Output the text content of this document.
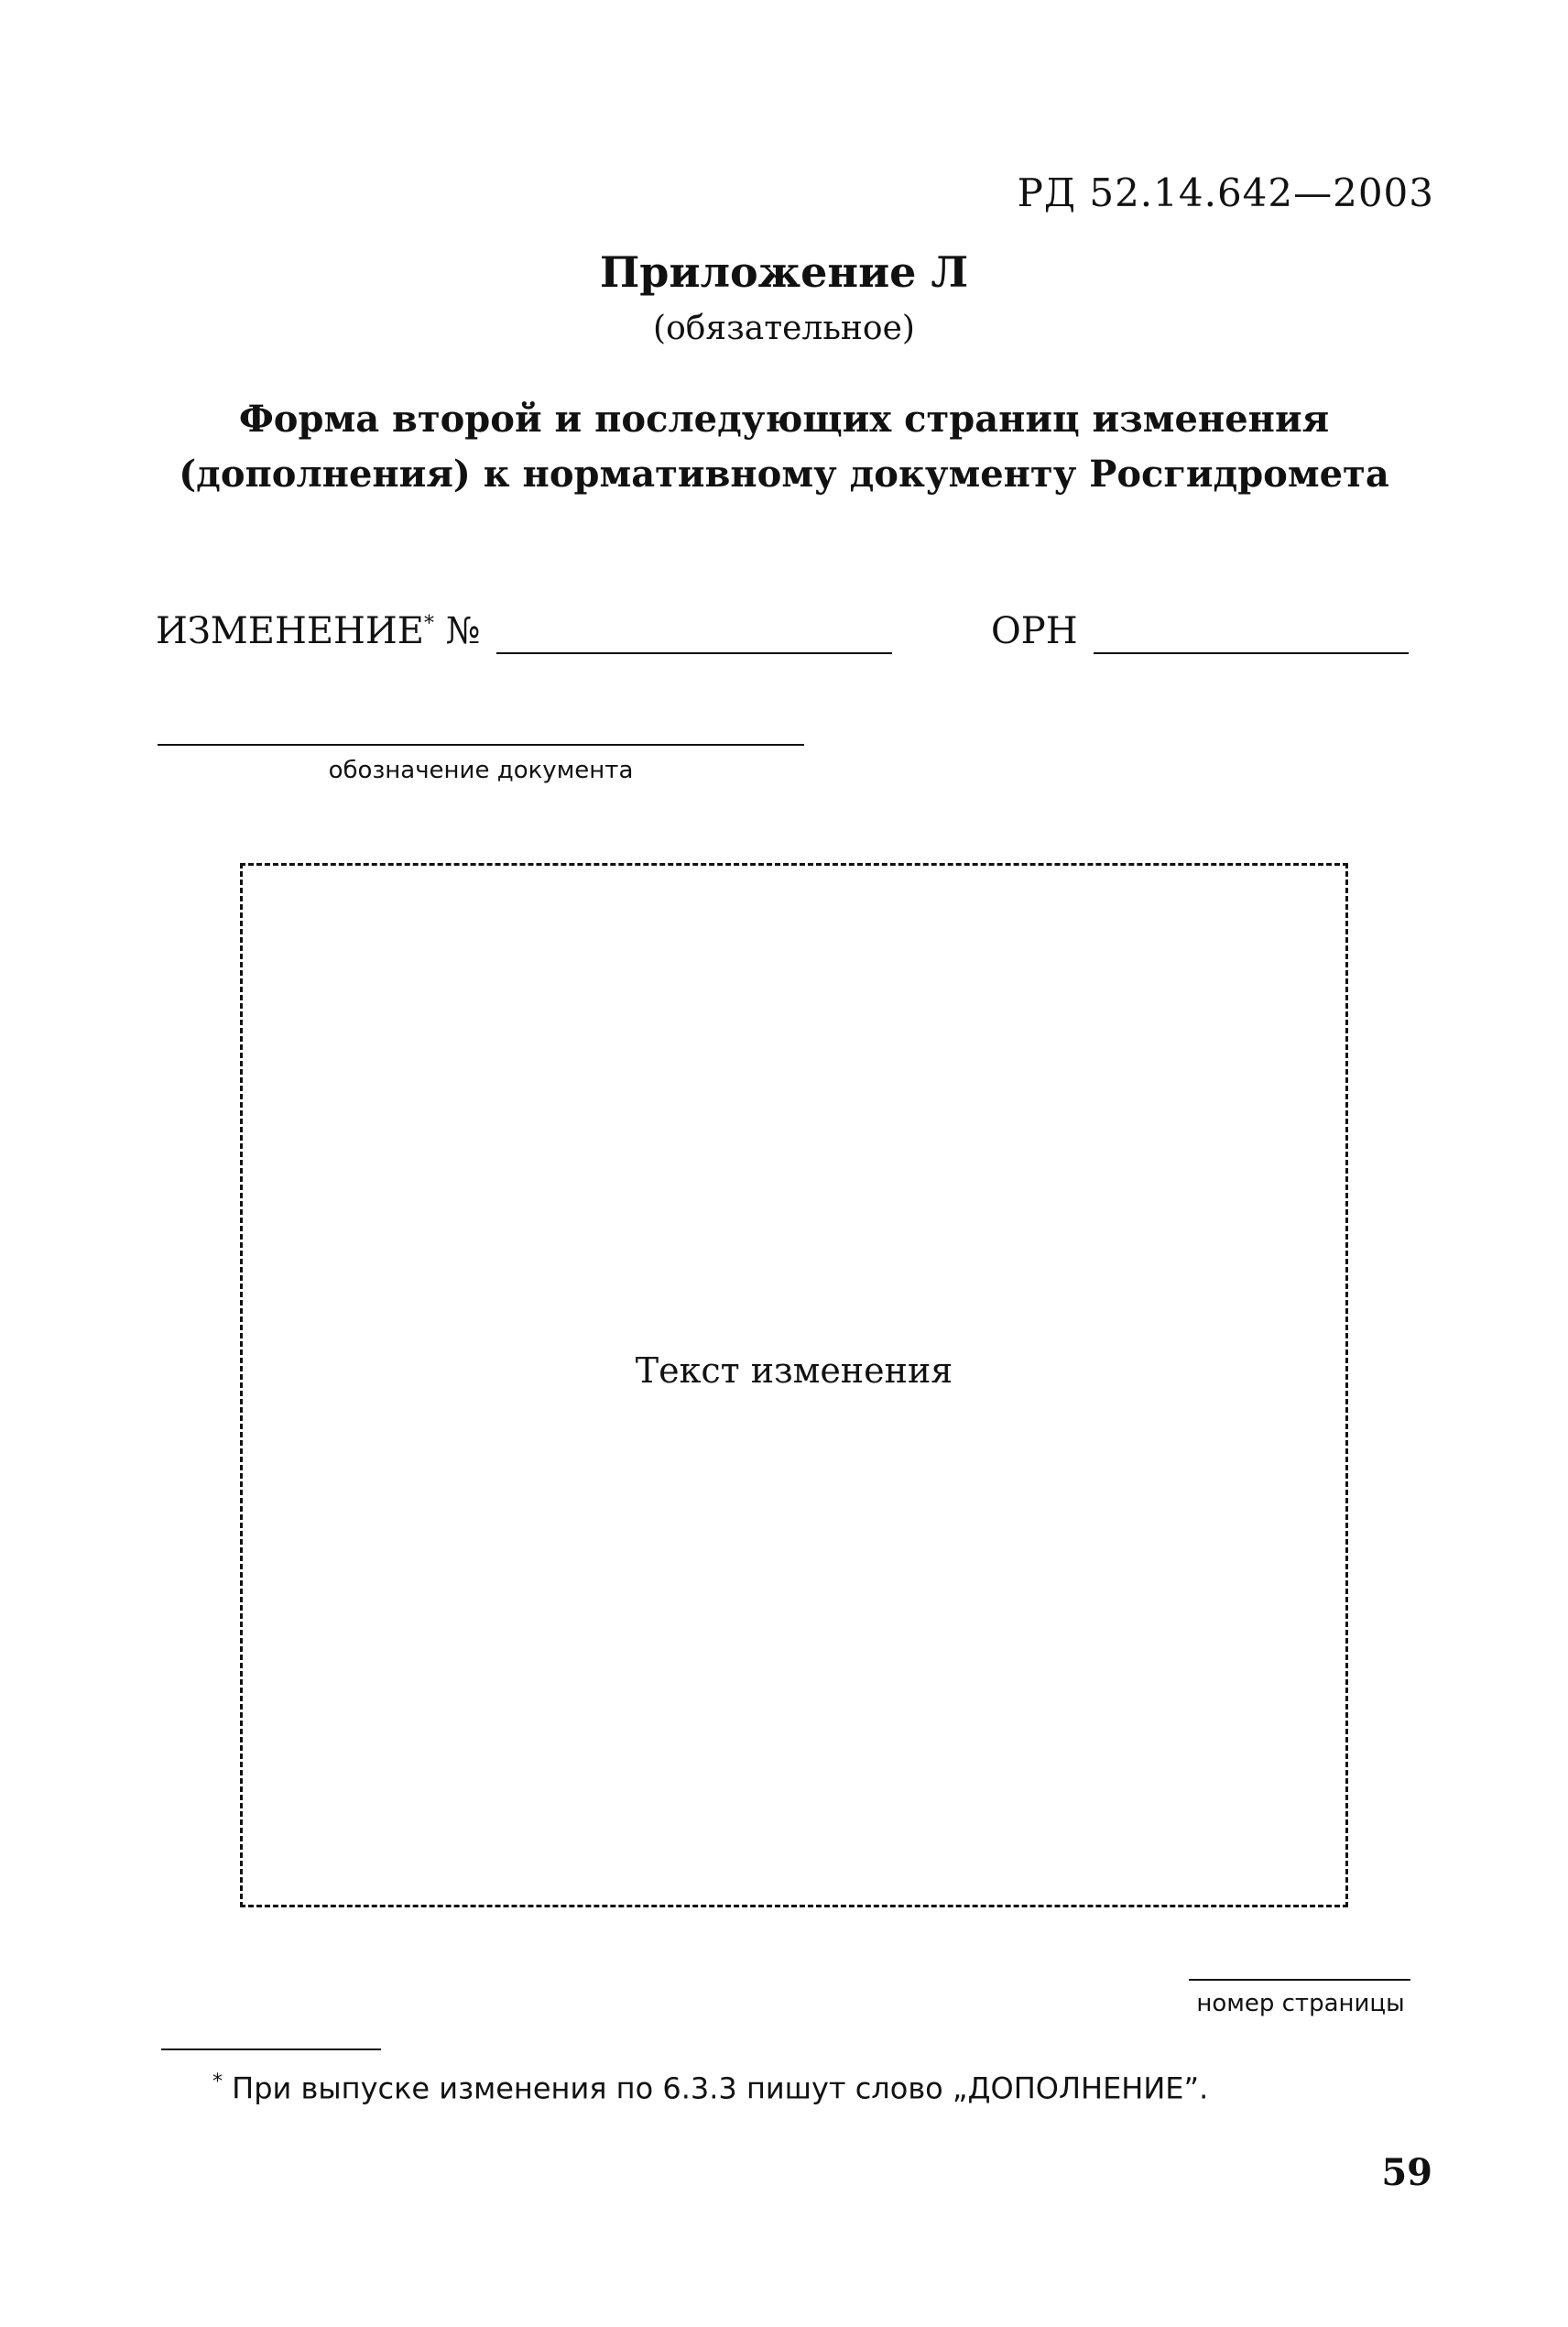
РД 52.14.642—2003
Приложение Л
(обязательное)
Форма второй и последующих страниц изменения
(дополнения) к нормативному документу Росгидромета
ИЗМЕНЕНИЕ* №	ОРН
обозначение документа
Текст изменения
номер страницы
* При выпуске изменения по 6.3.3 пишут слово „ДОПОЛНЕНИЕ”.
59
